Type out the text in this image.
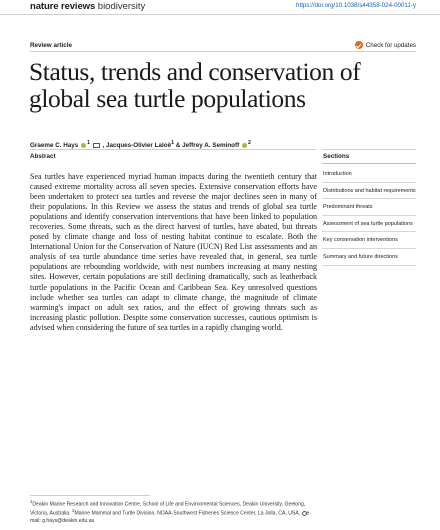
nature reviews biodiversity	https://doi.org/10.1038/s44358-024-00011-y
Review article	Check for updates
Status, trends and conservation of global sea turtle populations
Graeme C. Hays $^1$ , Jacques-Olivier Laloë$^1$ & Jeffrey A. Seminoff $^2$
Abstract	Sections
Sea turtles have experienced myriad human impacts during the twentieth century that caused extreme mortality across all seven species. Extensive conservation efforts have been undertaken to protect sea turtles and reverse the major declines seen in many of their populations. In this Review we assess the status and trends of global sea turtle populations and identify conservation interventions that have been linked to population recoveries. Some threats, such as the direct harvest of turtles, have abated, but threats posed by climate change and loss of nesting habitat continue to escalate. Both the International Union for the Conservation of Nature (IUCN) Red List assessments and an analysis of sea turtle abundance time series have revealed that, in general, sea turtle populations are rebounding worldwide, with nest numbers increasing at many nesting sites. However, certain populations are still declining dramatically, such as leatherback turtle populations in the Pacific Ocean and Caribbean Sea. Key unresolved questions include whether sea turtles can adapt to climate change, the magnitude of climate warming's impact on adult sex ratios, and the effect of growing threats such as increasing plastic pollution. Despite some conservation successes, cautious optimism is advised when considering the future of sea turtles in a rapidly changing world.
Introduction
Distributions and habitat requirements
Predominant threats
Assessment of sea turtle populations
Key conservation interventions
Summary and future directions
$^1$Deakin Marine Research and Innovation Centre, School of Life and Environmental Sciences, Deakin University, Geelong, Victoria, Australia. $^2$Marine Mammal and Turtle Division, NOAA-Southwest Fisheries Science Center, La Jolla, CA, USA. e-mail: g.hays@deakin.edu.au
